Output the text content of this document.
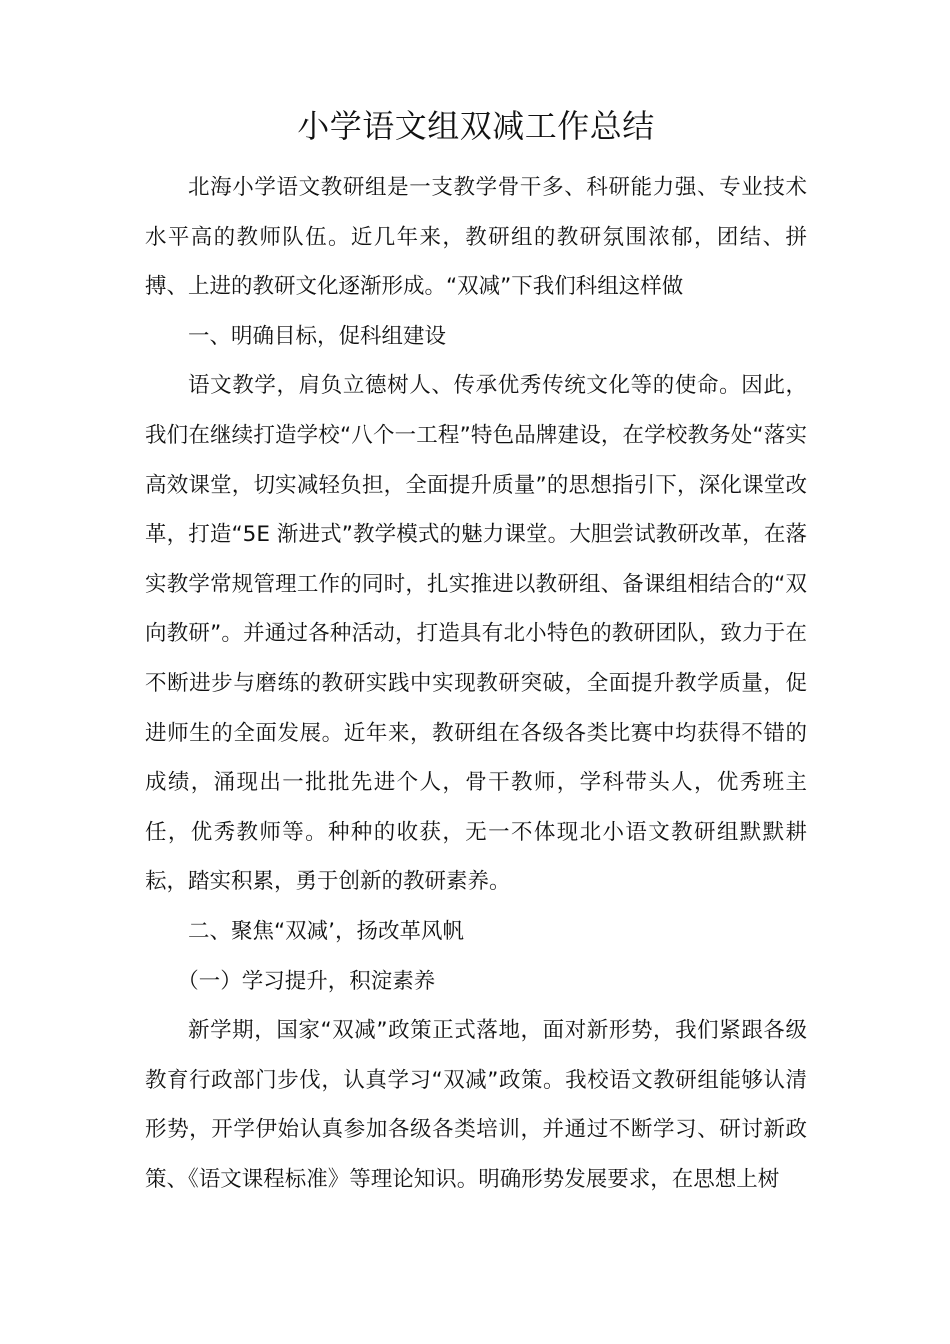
小学语文组双减工作总结

北海小学语文教研组是一支教学骨干多、科研能力强、专业技术水平高的教师队伍。近几年来，教研组的教研氛围浓郁，团结、拼搏、上进的教研文化逐渐形成。“双减”下我们科组这样做

一、明确目标，促科组建设

语文教学，肩负立德树人、传承优秀传统文化等的使命。因此，我们在继续打造学校“八个一工程”特色品牌建设，在学校教务处“落实高效课堂，切实减轻负担，全面提升质量”的思想指引下，深化课堂改革，打造“5E 渐进式”教学模式的魅力课堂。大胆尝试教研改革，在落实教学常规管理工作的同时，扎实推进以教研组、备课组相结合的“双向教研”。并通过各种活动，打造具有北小特色的教研团队，致力于在不断进步与磨练的教研实践中实现教研突破，全面提升教学质量，促进师生的全面发展。近年来，教研组在各级各类比赛中均获得不错的成绩，涌现出一批批先进个人，骨干教师，学科带头人，优秀班主任，优秀教师等。种种的收获，无一不体现北小语文教研组默默耕耘，踏实积累，勇于创新的教研素养。

二、聚焦“双减’，扬改革风帆

（一）学习提升，积淀素养

新学期，国家“双减”政策正式落地，面对新形势，我们紧跟各级教育行政部门步伐，认真学习“双减”政策。我校语文教研组能够认清形势，开学伊始认真参加各级各类培训，并通过不断学习、研讨新政策、《语文课程标准》等理论知识。明确形势发展要求，在思想上树
